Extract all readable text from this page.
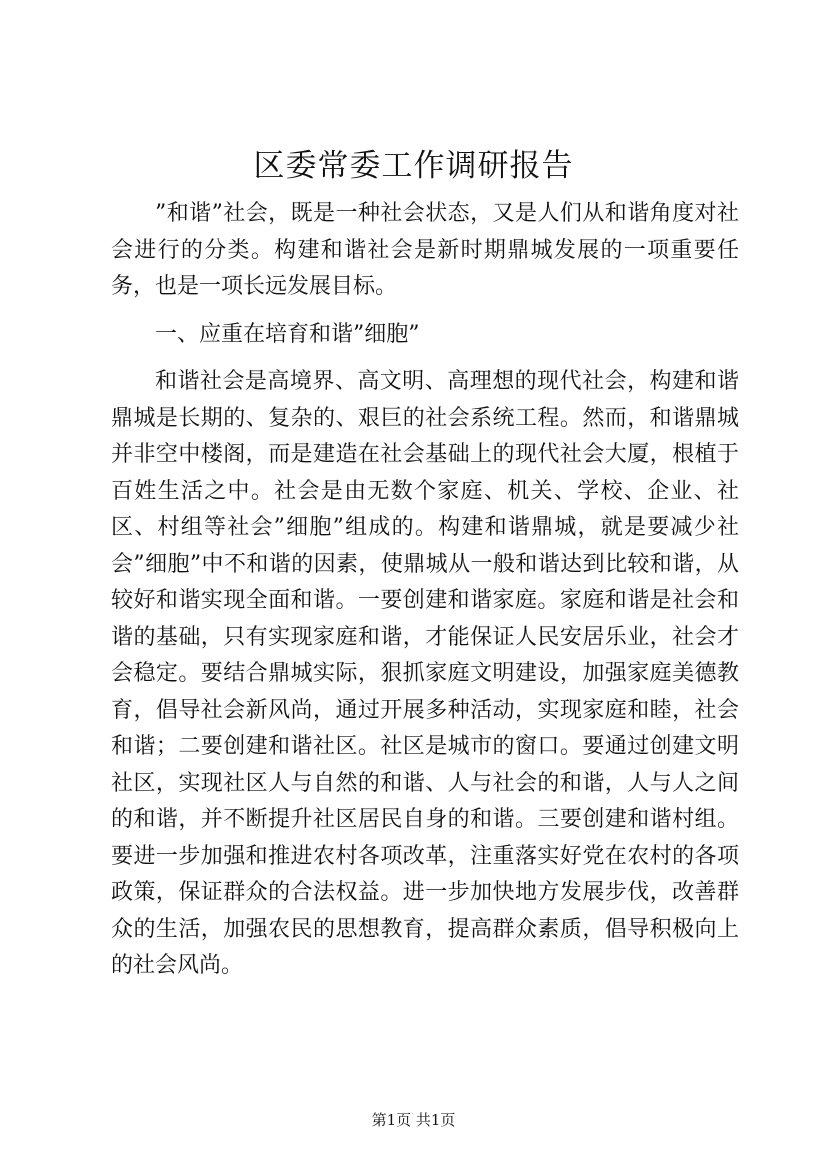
区委常委工作调研报告

”和谐”社会，既是一种社会状态，又是人们从和谐角度对社会进行的分类。构建和谐社会是新时期鼎城发展的一项重要任务，也是一项长远发展目标。

一、应重在培育和谐”细胞”

和谐社会是高境界、高文明、高理想的现代社会，构建和谐鼎城是长期的、复杂的、艰巨的社会系统工程。然而，和谐鼎城并非空中楼阁，而是建造在社会基础上的现代社会大厦，根植于百姓生活之中。社会是由无数个家庭、机关、学校、企业、社区、村组等社会”细胞”组成的。构建和谐鼎城，就是要减少社会”细胞”中不和谐的因素，使鼎城从一般和谐达到比较和谐，从较好和谐实现全面和谐。一要创建和谐家庭。家庭和谐是社会和谐的基础，只有实现家庭和谐，才能保证人民安居乐业，社会才会稳定。要结合鼎城实际，狠抓家庭文明建设，加强家庭美德教育，倡导社会新风尚，通过开展多种活动，实现家庭和睦，社会和谐；二要创建和谐社区。社区是城市的窗口。要通过创建文明社区，实现社区人与自然的和谐、人与社会的和谐，人与人之间的和谐，并不断提升社区居民自身的和谐。三要创建和谐村组。要进一步加强和推进农村各项改革，注重落实好党在农村的各项政策，保证群众的合法权益。进一步加快地方发展步伐，改善群众的生活，加强农民的思想教育，提高群众素质，倡导积极向上的社会风尚。

第1页 共1页
